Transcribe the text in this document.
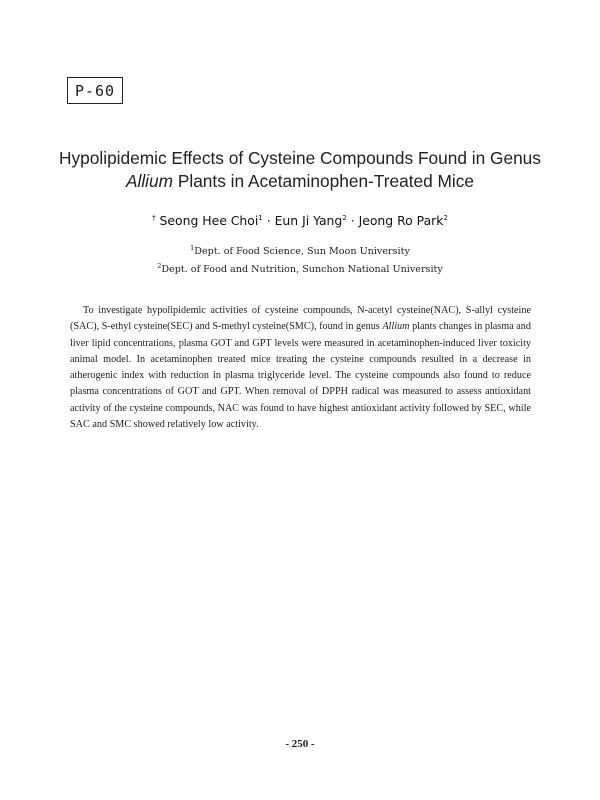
P-60
Hypolipidemic Effects of Cysteine Compounds Found in Genus
Allium Plants in Acetaminophen-Treated Mice
† Seong Hee Choi$^1$ · Eun Ji Yang$^2$ · Jeong Ro Park$^2$
$^1$Dept. of Food Science, Sun Moon University
$^2$Dept. of Food and Nutrition, Sunchon National University

To investigate hypolipidemic activities of cysteine compounds, N-acetyl cysteine(NAC), S-allyl cysteine (SAC), S-ethyl cysteine(SEC) and S-methyl cysteine(SMC), found in genus Allium plants changes in plasma and liver lipid concentrations, plasma GOT and GPT levels were measured in acetaminophen-induced liver toxicity animal model. In acetaminophen treated mice treating the cysteine compounds resulted in a decrease in atherogenic index with reduction in plasma triglyceride level. The cysteine compounds also found to reduce plasma concentrations of GOT and GPT. When removal of DPPH radical was measured to assess antioxidant activity of the cysteine compounds, NAC was found to have highest antioxidant activity followed by SEC, while SAC and SMC showed relatively low activity.

- 250 -
